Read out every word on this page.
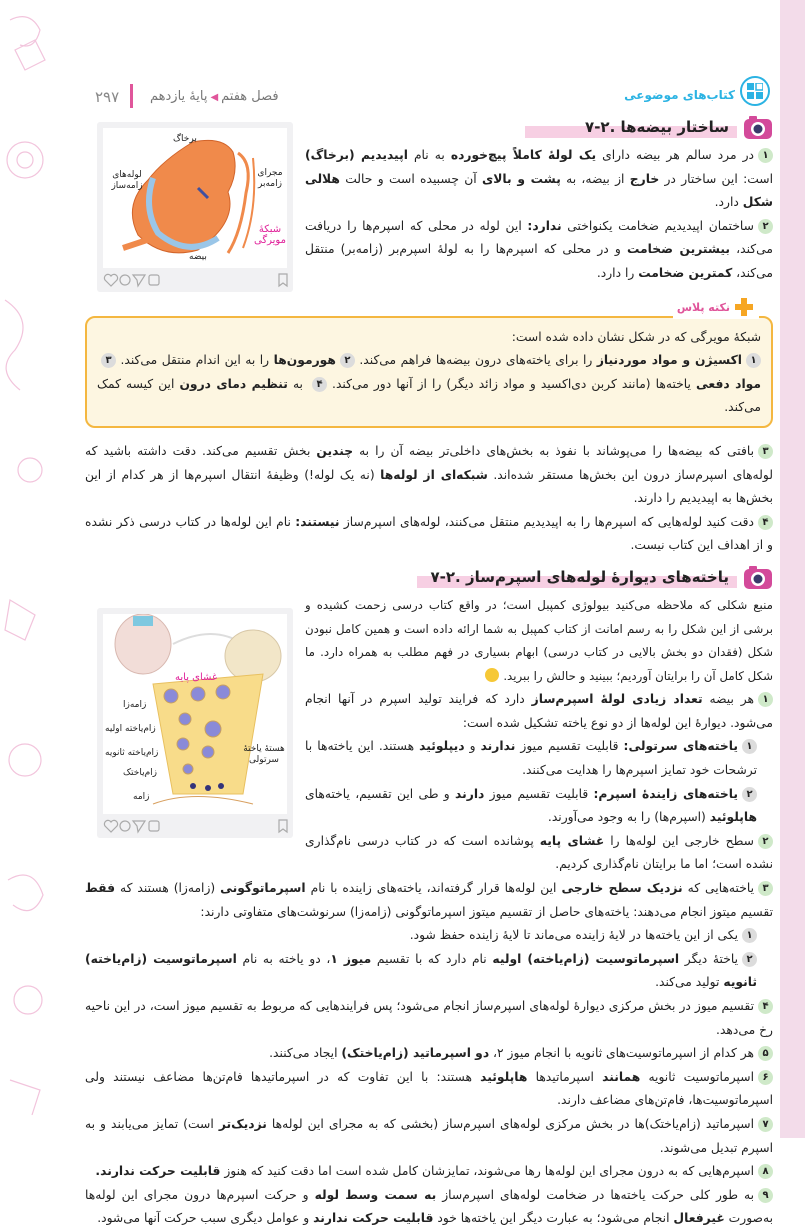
۲۹۷	فصل هفتم◀پایهٔ یازدهم	کتاب‌های موضوعی
ساختار بیضه‌ها ۷-۲.
برخاگ
لوله‌های زامه‌ساز
مجرای زامه‌بر
شبکهٔ مویرگی
بیضه

۱در مرد سالم هر بیضه دارای یک لولهٔ کاملاً پیچ‌خورده به نام اپیدیدیم (برخاگ) است: این ساختار در خارج از بیضه، به پشت و بالای آن چسبیده است و حالت هلالی شکل دارد.

۲ساختمان اپیدیدیم ضخامت یکنواختی ندارد: این لوله در محلی که اسپرم‌ها را دریافت می‌کند، بیشترین ضخامت و در محلی که اسپرم‌ها را به لولهٔ اسپرم‌بر (زامه‌بر) منتقل می‌کند، کمترین ضخامت را دارد.

نکته پلاس

شبکهٔ مویرگی که در شکل نشان داده شده است:

۱اکسیژن و مواد موردنیاز را برای یاخته‌های درون بیضه‌ها فراهم می‌کند. ۲هورمون‌ها را به این اندام منتقل می‌کند. ۳مواد دفعی یاخته‌ها (مانند کربن دی‌اکسید و مواد زائد دیگر) را از آنها دور می‌کند. ۴ به تنظیم دمای درون این کیسه کمک می‌کند.

۳بافتی که بیضه‌ها را می‌پوشاند با نفوذ به بخش‌های داخلی‌تر بیضه آن را به چندین بخش تقسیم می‌کند. دقت داشته باشید که لوله‌های اسپرم‌ساز درون این بخش‌ها مستقر شده‌اند. شبکه‌ای از لوله‌ها (نه یک لوله!) وظیفهٔ انتقال اسپرم‌ها از هر کدام از این بخش‌ها به اپیدیدیم را دارند.

۴دقت کنید لوله‌هایی که اسپرم‌ها را به اپیدیدیم منتقل می‌کنند، لوله‌های اسپرم‌ساز نیستند: نام این لوله‌ها در کتاب درسی ذکر نشده و از اهداف این کتاب نیست.

یاخته‌های دیوارهٔ لوله‌های اسپرم‌ساز ۷-۲.
غشای پایه
زامه‌زا
زام‌یاخته اولیه
زام‌یاخته ثانویه
زام‌یاختک
زامه
هستهٔ یاختهٔ سرتولی

منبع شکلی که ملاحظه می‌کنید بیولوژی کمپبل است؛ در واقع کتاب درسی زحمت کشیده و برشی از این شکل را به رسم امانت از کتاب کمپبل به شما ارائه داده است و همین کامل نبودن شکل (فقدان دو بخش بالایی در کتاب درسی) ابهام بسیاری در فهم مطلب به همراه دارد. ما شکل کامل آن را برایتان آوردیم؛ ببینید و حالش را ببرید.

۱هر بیضه تعداد زیادی لولهٔ اسپرم‌ساز دارد که فرایند تولید اسپرم در آنها انجام می‌شود. دیوارهٔ این لوله‌ها از دو نوع یاخته تشکیل شده است:

۱یاخته‌های سرتولی: قابلیت تقسیم میوز ندارند و دیپلوئید هستند. این یاخته‌ها با ترشحات خود تمایز اسپرم‌ها را هدایت می‌کنند.

۲یاخته‌های زایندهٔ اسپرم: قابلیت تقسیم میوز دارند و طی این تقسیم، یاخته‌های هاپلوئید (اسپرم‌ها) را به وجود می‌آورند.

۲سطح خارجی این لوله‌ها را غشای پایه پوشانده است که در کتاب درسی نام‌گذاری نشده است؛ اما ما برایتان نام‌گذاری کردیم.

۳یاخته‌هایی که نزدیک سطح خارجی این لوله‌ها قرار گرفته‌اند، یاخته‌های زاینده با نام اسپرماتوگونی (زامه‌زا) هستند که فقط تقسیم میتوز انجام می‌دهند: یاخته‌های حاصل از تقسیم میتوز اسپرماتوگونی (زامه‌زا) سرنوشت‌های متفاوتی دارند:

۱یکی از این یاخته‌ها در لایهٔ زاینده می‌ماند تا لایهٔ زاینده حفظ شود.

۲یاختهٔ دیگر اسپرماتوسیت (زام‌یاخته) اولیه نام دارد که با تقسیم میوز ۱، دو یاخته به نام اسپرماتوسیت (زام‌یاخته) ثانویه تولید می‌کند.

۴تقسیم میوز در بخش مرکزی دیوارهٔ لوله‌های اسپرم‌ساز انجام می‌شود؛ پس فرایندهایی که مربوط به تقسیم میوز است، در این ناحیه رخ می‌دهد.

۵هر کدام از اسپرماتوسیت‌های ثانویه با انجام میوز ۲، دو اسپرماتید (زام‌یاختک) ایجاد می‌کنند.

۶اسپرماتوسیت ثانویه همانند اسپرماتیدها هاپلوئید هستند: با این تفاوت که در اسپرماتیدها فام‌تن‌ها مضاعف نیستند ولی اسپرماتوسیت‌ها، فام‌تن‌های مضاعف دارند.

۷اسپرماتید (زام‌یاختک)‌ها در بخش مرکزی لوله‌های اسپرم‌ساز (بخشی که به مجرای این لوله‌ها نزدیک‌تر است) تمایز می‌یابند و به اسپرم تبدیل می‌شوند.

۸اسپرم‌هایی که به درون مجرای این لوله‌ها رها می‌شوند، تمایزشان کامل شده است اما دقت کنید که هنوز قابلیت حرکت ندارند.

۹به طور کلی حرکت یاخته‌ها در ضخامت لوله‌های اسپرم‌ساز به سمت وسط لوله و حرکت اسپرم‌ها درون مجرای این لوله‌ها به‌صورت غیرفعال انجام می‌شود؛ به عبارت دیگر این یاخته‌ها خود قابلیت حرکت ندارند و عوامل دیگری سبب حرکت آنها می‌شود.
